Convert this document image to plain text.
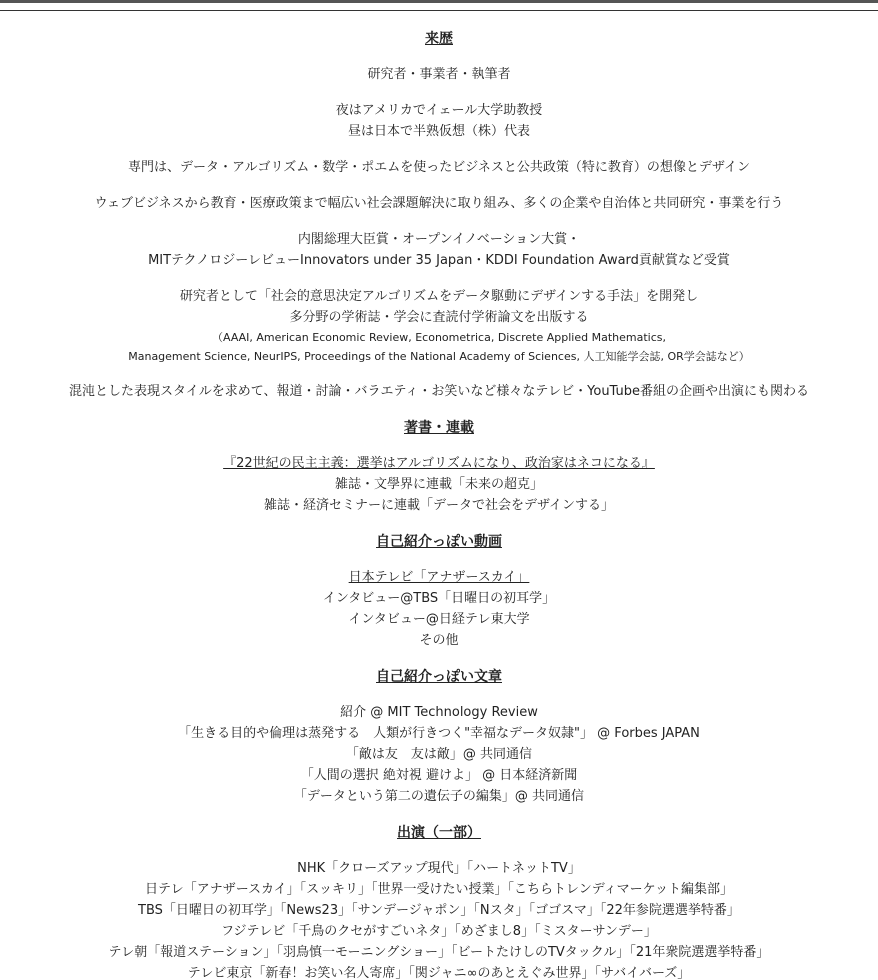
来歴
研究者・事業者・執筆者
夜はアメリカでイェール大学助教授
昼は日本で半熟仮想（株）代表
専門は、データ・アルゴリズム・数学・ポエムを使ったビジネスと公共政策（特に教育）の想像とデザイン
ウェブビジネスから教育・医療政策まで幅広い社会課題解決に取り組み、多くの企業や自治体と共同研究・事業を行う
内閣総理大臣賞・オープンイノベーション大賞・
MITテクノロジーレビューInnovators under 35 Japan・KDDI Foundation Award貢献賞など受賞
研究者として「社会的意思決定アルゴリズムをデータ駆動にデザインする手法」を開発し
多分野の学術誌・学会に査読付学術論文を出版する
（AAAI, American Economic Review, Econometrica, Discrete Applied Mathematics,
Management Science, NeurIPS, Proceedings of the National Academy of Sciences, 人工知能学会誌, OR学会誌など）
混沌とした表現スタイルを求めて、報道・討論・バラエティ・お笑いなど様々なテレビ・YouTube番組の企画や出演にも関わる
著書・連載
『22世紀の民主主義：選挙はアルゴリズムになり、政治家はネコになる』
雑誌・文學界に連載「未来の超克」
雑誌・経済セミナーに連載「データで社会をデザインする」
自己紹介っぽい動画
日本テレビ「アナザースカイ」
インタビュー@TBS「日曜日の初耳学」
インタビュー@日経テレ東大学
その他
自己紹介っぽい文章
紹介 @ MIT Technology Review
「生きる目的や倫理は蒸発する　人類が行きつく"幸福なデータ奴隷"」 @ Forbes JAPAN
「敵は友　友は敵」@ 共同通信
「人間の選択 絶対視 避けよ」 @ 日本経済新聞
「データという第二の遺伝子の編集」@ 共同通信
出演（一部）
NHK「クローズアップ現代」「ハートネットTV」
日テレ「アナザースカイ」「スッキリ」「世界一受けたい授業」「こちらトレンディマーケット編集部」
TBS「日曜日の初耳学」「News23」「サンデージャポン」「Nスタ」「ゴゴスマ」「22年参院選選挙特番」
フジテレビ「千鳥のクセがすごいネタ」「めざまし8」「ミスターサンデー」
テレ朝「報道ステーション」「羽鳥慎一モーニングショー」「ビートたけしのTVタックル」「21年衆院選選挙特番」
テレビ東京「新春！お笑い名人寄席」「関ジャニ∞のあとえぐみ世界」「サバイバーズ」
